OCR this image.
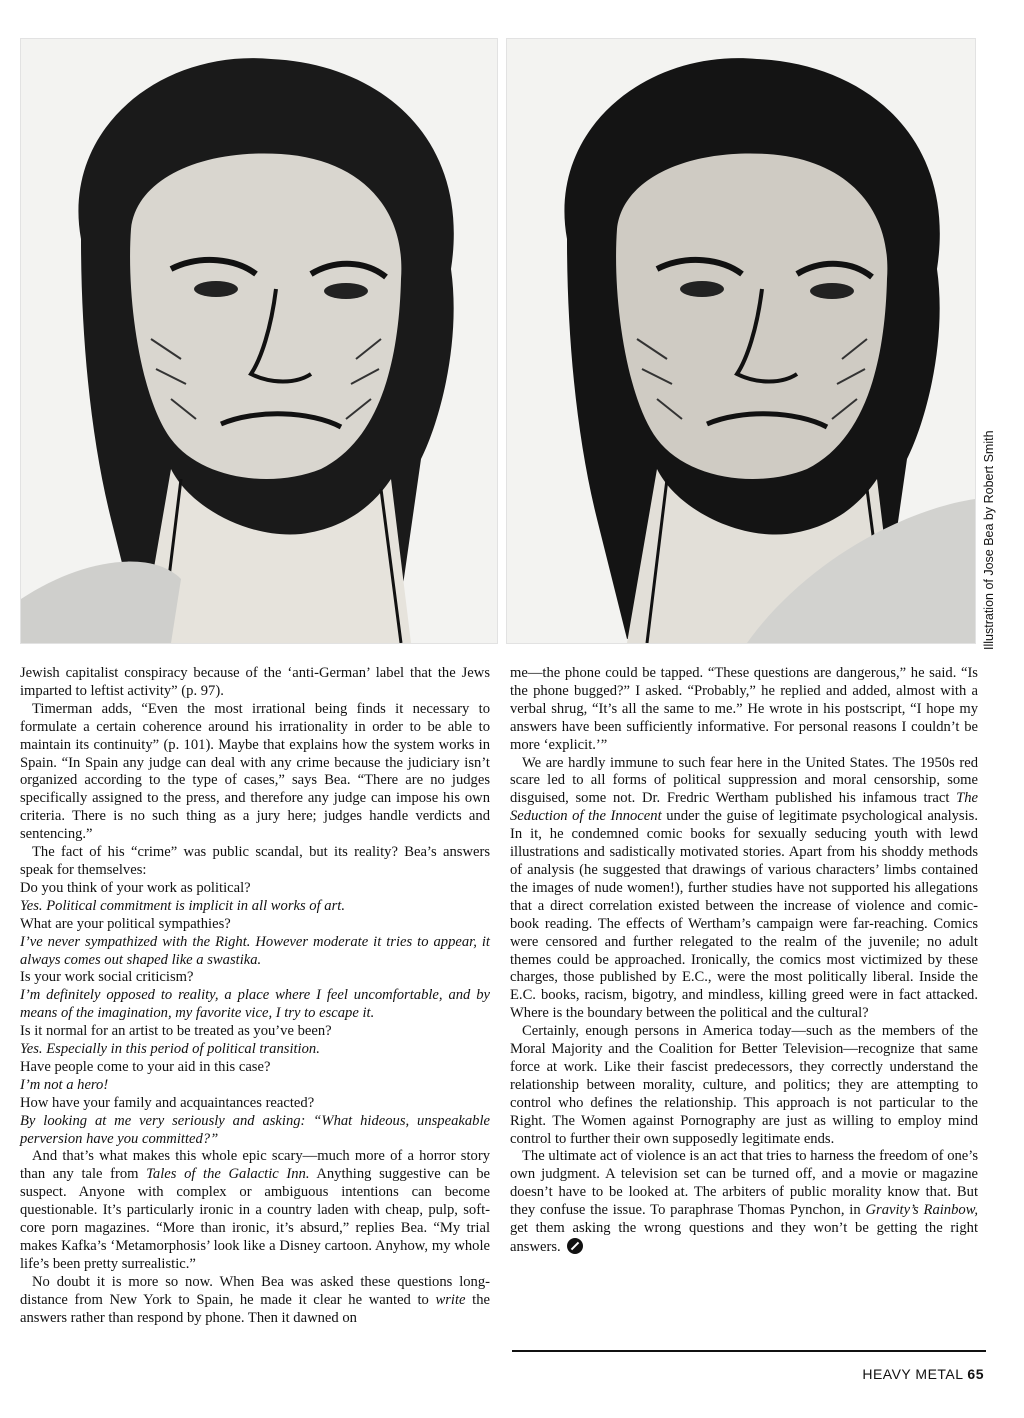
Illustration of Jose Bea by Robert Smith

Jewish capitalist conspiracy because of the ‘anti-German’ label that the Jews imparted to leftist activity” (p. 97).

Timerman adds, “Even the most irrational being finds it necessary to formulate a certain coherence around his irrationality in order to be able to maintain its continuity” (p. 101). Maybe that explains how the system works in Spain. “In Spain any judge can deal with any crime because the judiciary isn’t organized according to the type of cases,” says Bea. “There are no judges specifically assigned to the press, and therefore any judge can impose his own criteria. There is no such thing as a jury here; judges handle verdicts and sentencing.”

The fact of his “crime” was public scandal, but its reality? Bea’s answers speak for themselves:

Do you think of your work as political?

Yes. Political commitment is implicit in all works of art.

What are your political sympathies?

I’ve never sympathized with the Right. However moderate it tries to appear, it always comes out shaped like a swastika.

Is your work social criticism?

I’m definitely opposed to reality, a place where I feel uncomfortable, and by means of the imagination, my favorite vice, I try to escape it.

Is it normal for an artist to be treated as you’ve been?

Yes. Especially in this period of political transition.

Have people come to your aid in this case?

I’m not a hero!

How have your family and acquaintances reacted?

By looking at me very seriously and asking: “What hideous, unspeakable perversion have you committed?”

And that’s what makes this whole epic scary—much more of a horror story than any tale from Tales of the Galactic Inn. Anything suggestive can be suspect. Anyone with complex or ambiguous intentions can become questionable. It’s particularly ironic in a country laden with cheap, pulp, soft-core porn magazines. “More than ironic, it’s absurd,” replies Bea. “My trial makes Kafka’s ‘Metamorphosis’ look like a Disney cartoon. Anyhow, my whole life’s been pretty surrealistic.”

No doubt it is more so now. When Bea was asked these questions long-distance from New York to Spain, he made it clear he wanted to write the answers rather than respond by phone. Then it dawned on

me—the phone could be tapped. “These questions are dangerous,” he said. “Is the phone bugged?” I asked. “Probably,” he replied and added, almost with a verbal shrug, “It’s all the same to me.” He wrote in his postscript, “I hope my answers have been sufficiently informative. For personal reasons I couldn’t be more ‘explicit.’”

We are hardly immune to such fear here in the United States. The 1950s red scare led to all forms of political suppression and moral censorship, some disguised, some not. Dr. Fredric Wertham published his infamous tract The Seduction of the Innocent under the guise of legitimate psychological analysis. In it, he condemned comic books for sexually seducing youth with lewd illustrations and sadistically motivated stories. Apart from his shoddy methods of analysis (he suggested that drawings of various characters’ limbs contained the images of nude women!), further studies have not supported his allegations that a direct correlation existed between the increase of violence and comic-book reading. The effects of Wertham’s campaign were far-reaching. Comics were censored and further relegated to the realm of the juvenile; no adult themes could be approached. Ironically, the comics most victimized by these charges, those published by E.C., were the most politically liberal. Inside the E.C. books, racism, bigotry, and mindless, killing greed were in fact attacked. Where is the boundary between the political and the cultural?

Certainly, enough persons in America today—such as the members of the Moral Majority and the Coalition for Better Television—recognize that same force at work. Like their fascist predecessors, they correctly understand the relationship between morality, culture, and politics; they are attempting to control who defines the relationship. This approach is not particular to the Right. The Women against Pornography are just as willing to employ mind control to further their own supposedly legitimate ends.

The ultimate act of violence is an act that tries to harness the freedom of one’s own judgment. A television set can be turned off, and a movie or magazine doesn’t have to be looked at. The arbiters of public morality know that. But they confuse the issue. To paraphrase Thomas Pynchon, in Gravity’s Rainbow, get them asking the wrong questions and they won’t be getting the right answers.

HEAVY METAL 65
